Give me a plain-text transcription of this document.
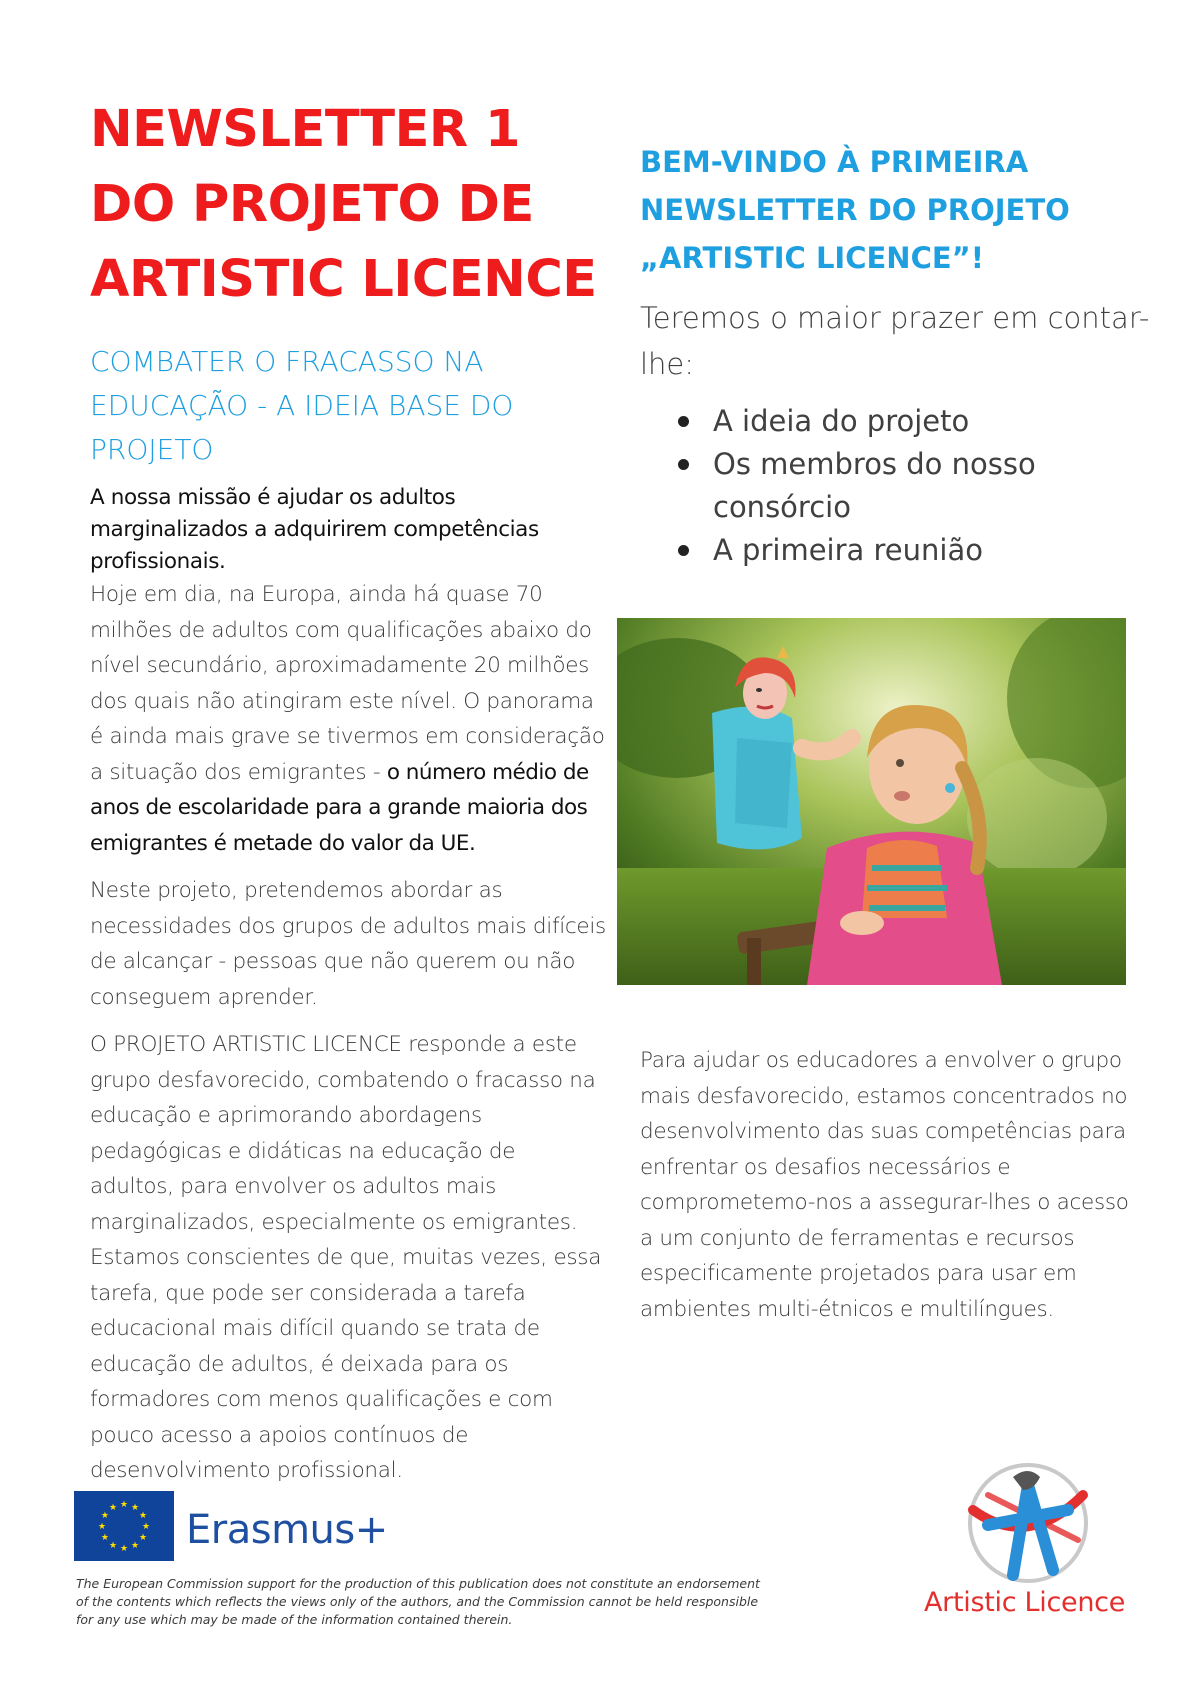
NEWSLETTER 1
DO PROJETO DE
ARTISTIC LICENCE
BEM-VINDO À PRIMEIRA
NEWSLETTER DO PROJETO
„ARTISTIC LICENCE”!

Teremos o maior prazer em contar-
lhe:

A ideia do projeto
Os membros do nosso
consórcio
A primeira reunião
COMBATER O FRACASSO NA
EDUCAÇÃO - A IDEIA BASE DO
PROJETO

A nossa missão é ajudar os adultos
marginalizados a adquirirem competências
profissionais.

Hoje em dia, na Europa, ainda há quase 70
milhões de adultos com qualificações abaixo do
nível secundário, aproximadamente 20 milhões
dos quais não atingiram este nível. O panorama
é ainda mais grave se tivermos em consideração
a situação dos emigrantes - o número médio de
anos de escolaridade para a grande maioria dos
emigrantes é metade do valor da UE.

Neste projeto, pretendemos abordar as
necessidades dos grupos de adultos mais difíceis
de alcançar - pessoas que não querem ou não
conseguem aprender.

O PROJETO ARTISTIC LICENCE responde a este
grupo desfavorecido, combatendo o fracasso na
educação e aprimorando abordagens
pedagógicas e didáticas na educação de
adultos, para envolver os adultos mais
marginalizados, especialmente os emigrantes.
Estamos conscientes de que, muitas vezes, essa
tarefa, que pode ser considerada a tarefa
educacional mais difícil quando se trata de
educação de adultos, é deixada para os
formadores com menos qualificações e com
pouco acesso a apoios contínuos de
desenvolvimento profissional.

Para ajudar os educadores a envolver o grupo
mais desfavorecido, estamos concentrados no
desenvolvimento das suas competências para
enfrentar os desafios necessários e
comprometemo-nos a assegurar-lhes o acesso
a um conjunto de ferramentas e recursos
especificamente projetados para usar em
ambientes multi-étnicos e multilíngues.

★
★
★
★
★
★
★
★
★ ★ ★
★ Erasmus+

The European Commission support for the production of this publication does not constitute an endorsement
of the contents which reflects the views only of the authors, and the Commission cannot be held responsible
for any use which may be made of the information contained therein.

Artistic Licence
